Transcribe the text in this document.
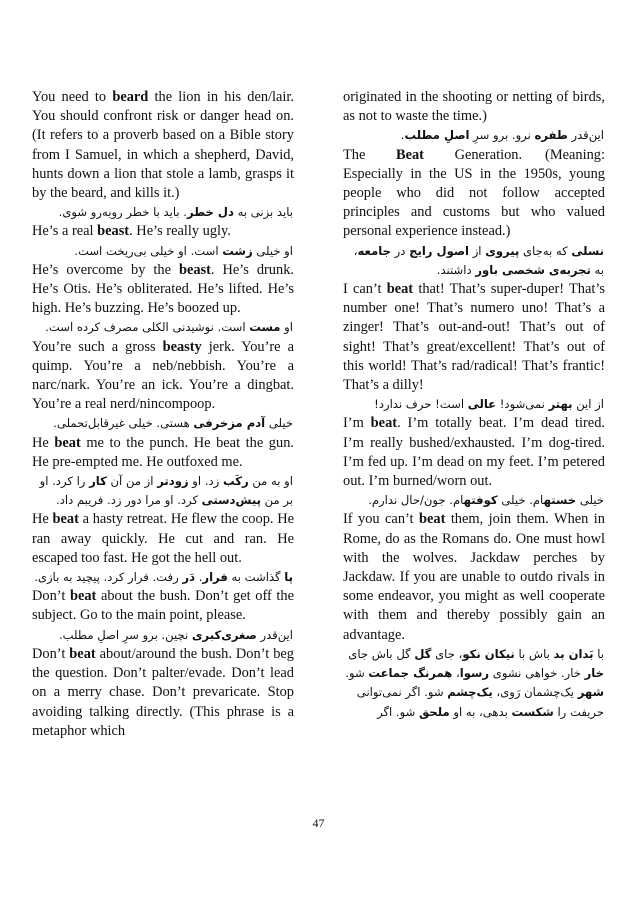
You need to beard the lion in his den/lair. You should confront risk or danger head on. (It refers to a proverb based on a Bible story from I Samuel, in which a shepherd, David, hunts down a lion that stole a lamb, grasps it by the beard, and kills it.)

باید بزنی به دل خطر. باید با خطر روبه‌رو شوی.

He’s a real beast. He’s really ugly.

او خیلی زشت است. او خیلی بی‌ریخت است.

He’s overcome by the beast. He’s drunk. He’s Otis. He’s obliterated. He’s lifted. He’s high. He’s buzzing. He’s boozed up.

او مست است. نوشیدنی الکلی مصرف کرده است.

You’re such a gross beasty jerk. You’re a quimp. You’re a neb/nebbish. You’re a narc/nark. You’re an ick. You’re a dingbat. You’re a real nerd/nincompoop.

خیلی آدم مزخرفی هستی. خیلی غیرقابل‌تحملی.

He beat me to the punch. He beat the gun. He pre-empted me. He outfoxed me.

او به من رکَب زد. او زودتر از من آن کار را کرد. او بر من پیش‌دستی کرد. او مرا دور زد. فریبم داد.

He beat a hasty retreat. He flew the coop. He ran away quickly. He cut and ran. He escaped too fast. He got the hell out.

پا گذاشت به فرار. دَر رفت. فرار کرد. پیچید به بازی.

Don’t beat about the bush. Don’t get off the subject. Go to the main point, please.

این‌قدر صغری‌کبری نچین. برو سرِ اصلِ مطلب.

Don’t beat about/around the bush. Don’t beg the question. Don’t palter/evade. Don’t lead on a merry chase. Don’t prevaricate. Stop avoiding talking directly. (This phrase is a metaphor which

originated in the shooting or netting of birds, as not to waste the time.)

این‌قدر طفره نرو. برو سرِ اصلِ مطلب.

The    Beat    Generation.   (Meaning: Especially in the US in the 1950s, young people who did not follow accepted principles and customs but who valued personal experience instead.)

نسلی که به‌جای پیروی از اصول رایج در جامعه، به تجربه‌ی شخصی باور داشتند.

I can’t beat that! That’s super-duper! That’s number one! That’s numero uno! That’s a zinger! That’s out-and-out! That’s out of sight! That’s great/excellent! That’s out of this world! That’s rad/radical! That’s frantic! That’s a dilly!

از این بهتر نمی‌شود! عالی است! حرف ندارد!

I’m beat. I’m totally beat. I’m dead tired. I’m really bushed/exhausted. I’m dog-tired. I’m fed up. I’m dead on my feet. I’m petered out. I’m burned/worn out.

خیلی خستهام. خیلی کوفتهام. جون/حال ندارم.

If you can’t beat them, join them. When in Rome, do as the Romans do. One must howl with the wolves. Jackdaw perches by Jackdaw. If you are unable to outdo rivals in some endeavor, you might as well cooperate with them and thereby possibly gain an advantage.

با بَدان بد باش با نیکان نکو، جای گل گل باش جای خار خار. خواهی نشوی رسوا، همرنگ جماعت شو. شهر یک‌چشمان رَوی، یک‌چشم شو. اگر نمی‌توانی حریفت را شکست بدهی، به او ملحق شو. اگر

47
